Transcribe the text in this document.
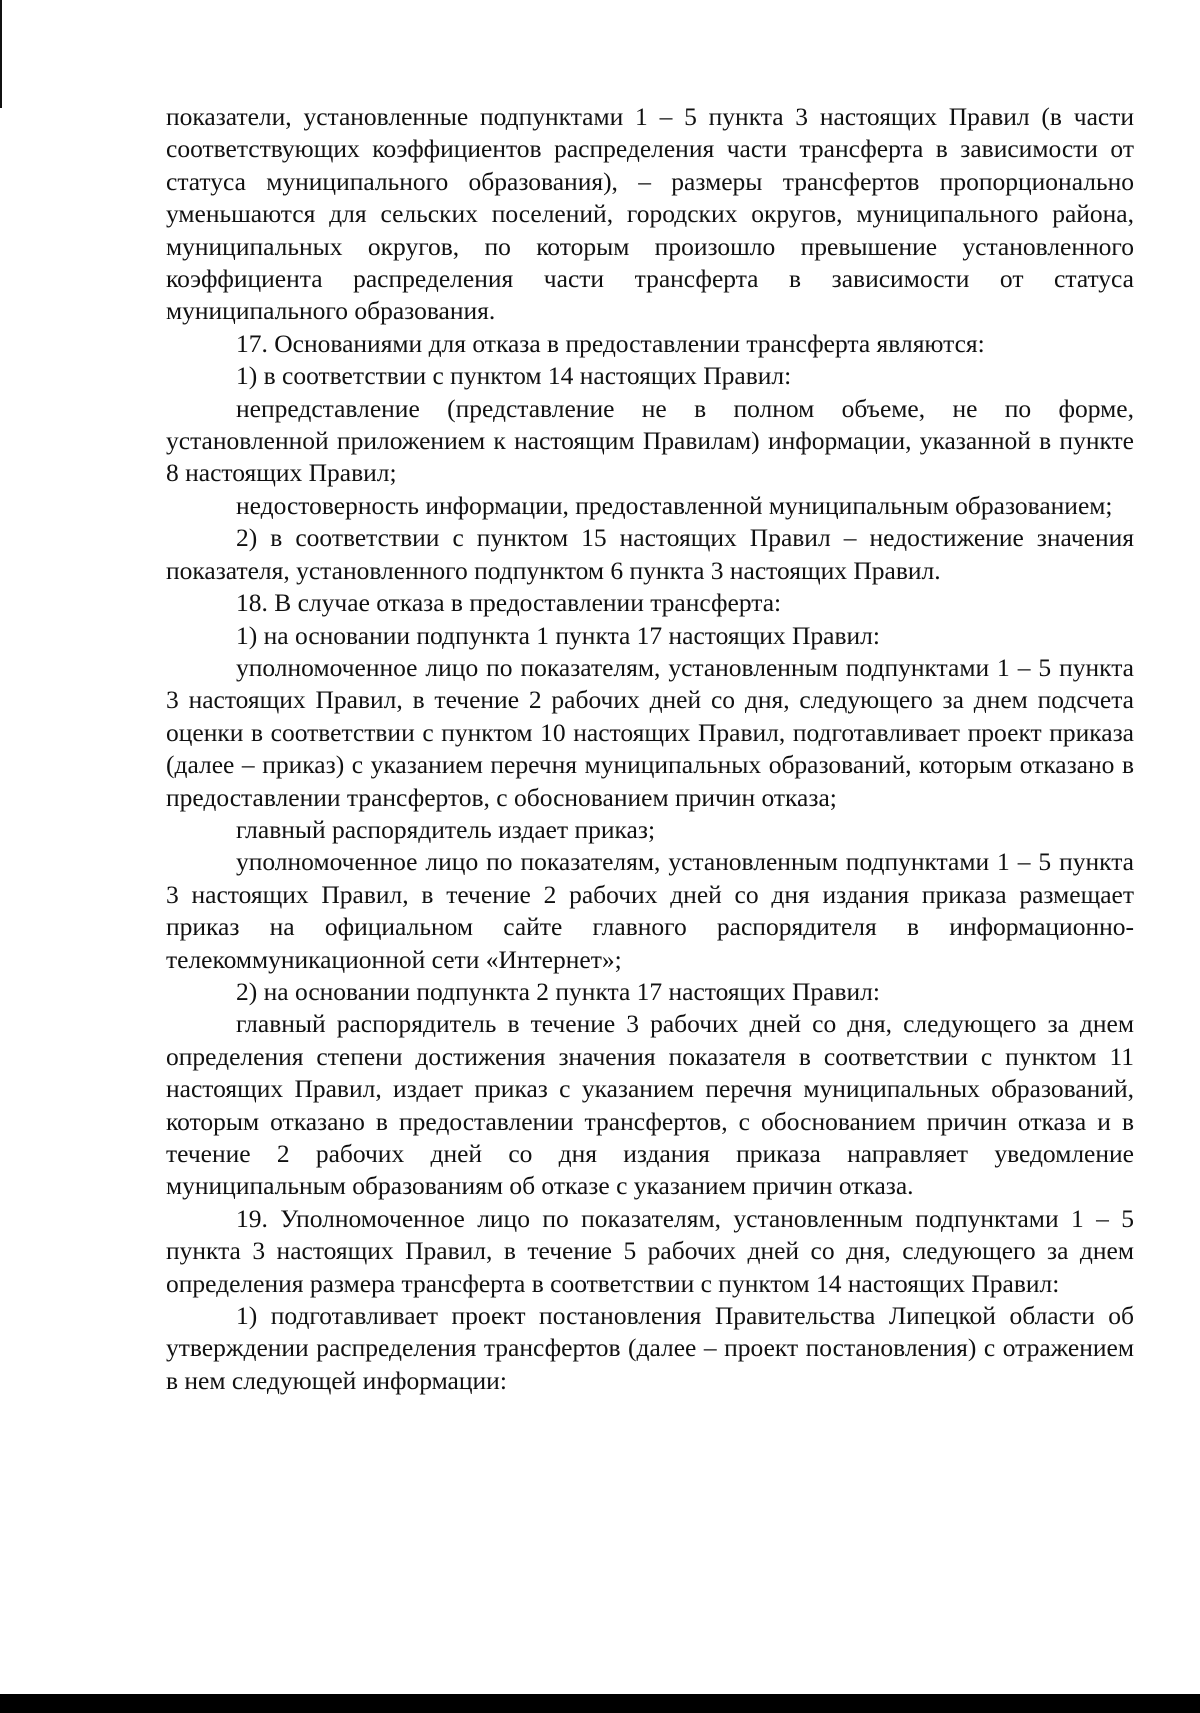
показатели, установленные подпунктами 1 – 5 пункта 3 настоящих Правил (в части соответствующих коэффициентов распределения части трансферта в зависимости от статуса муниципального образования), – размеры трансфертов пропорционально уменьшаются для сельских поселений, городских округов, муниципального района, муниципальных округов, по которым произошло превышение установленного коэффициента распределения части трансферта в зависимости от статуса муниципального образования.

17. Основаниями для отказа в предоставлении трансферта являются:

1) в соответствии с пунктом 14 настоящих Правил:

непредставление (представление не в полном объеме, не по форме, установленной приложением к настоящим Правилам) информации, указанной в пункте 8 настоящих Правил;

недостоверность информации, предоставленной муниципальным образованием;

2) в соответствии с пунктом 15 настоящих Правил – недостижение значения показателя, установленного подпунктом 6 пункта 3 настоящих Правил.

18. В случае отказа в предоставлении трансферта:

1) на основании подпункта 1 пункта 17 настоящих Правил:

уполномоченное лицо по показателям, установленным подпунктами 1 – 5 пункта 3 настоящих Правил, в течение 2 рабочих дней со дня, следующего за днем подсчета оценки в соответствии с пунктом 10 настоящих Правил, подготавливает проект приказа (далее – приказ) с указанием перечня муниципальных образований, которым отказано в предоставлении трансфертов, с обоснованием причин отказа;

главный распорядитель издает приказ;

уполномоченное лицо по показателям, установленным подпунктами 1 – 5 пункта 3 настоящих Правил, в течение 2 рабочих дней со дня издания приказа размещает приказ на официальном сайте главного распорядителя в информационно-телекоммуникационной сети «Интернет»;

2) на основании подпункта 2 пункта 17 настоящих Правил:

главный распорядитель в течение 3 рабочих дней со дня, следующего за днем определения степени достижения значения показателя в соответствии с пунктом 11 настоящих Правил, издает приказ с указанием перечня муниципальных образований, которым отказано в предоставлении трансфертов, с обоснованием причин отказа и в течение 2 рабочих дней со дня издания приказа направляет уведомление муниципальным образованиям об отказе с указанием причин отказа.

19. Уполномоченное лицо по показателям, установленным подпунктами 1 – 5 пункта 3 настоящих Правил, в течение 5 рабочих дней со дня, следующего за днем определения размера трансферта в соответствии с пунктом 14 настоящих Правил:

1) подготавливает проект постановления Правительства Липецкой области об утверждении распределения трансфертов (далее – проект постановления) с отражением в нем следующей информации:
